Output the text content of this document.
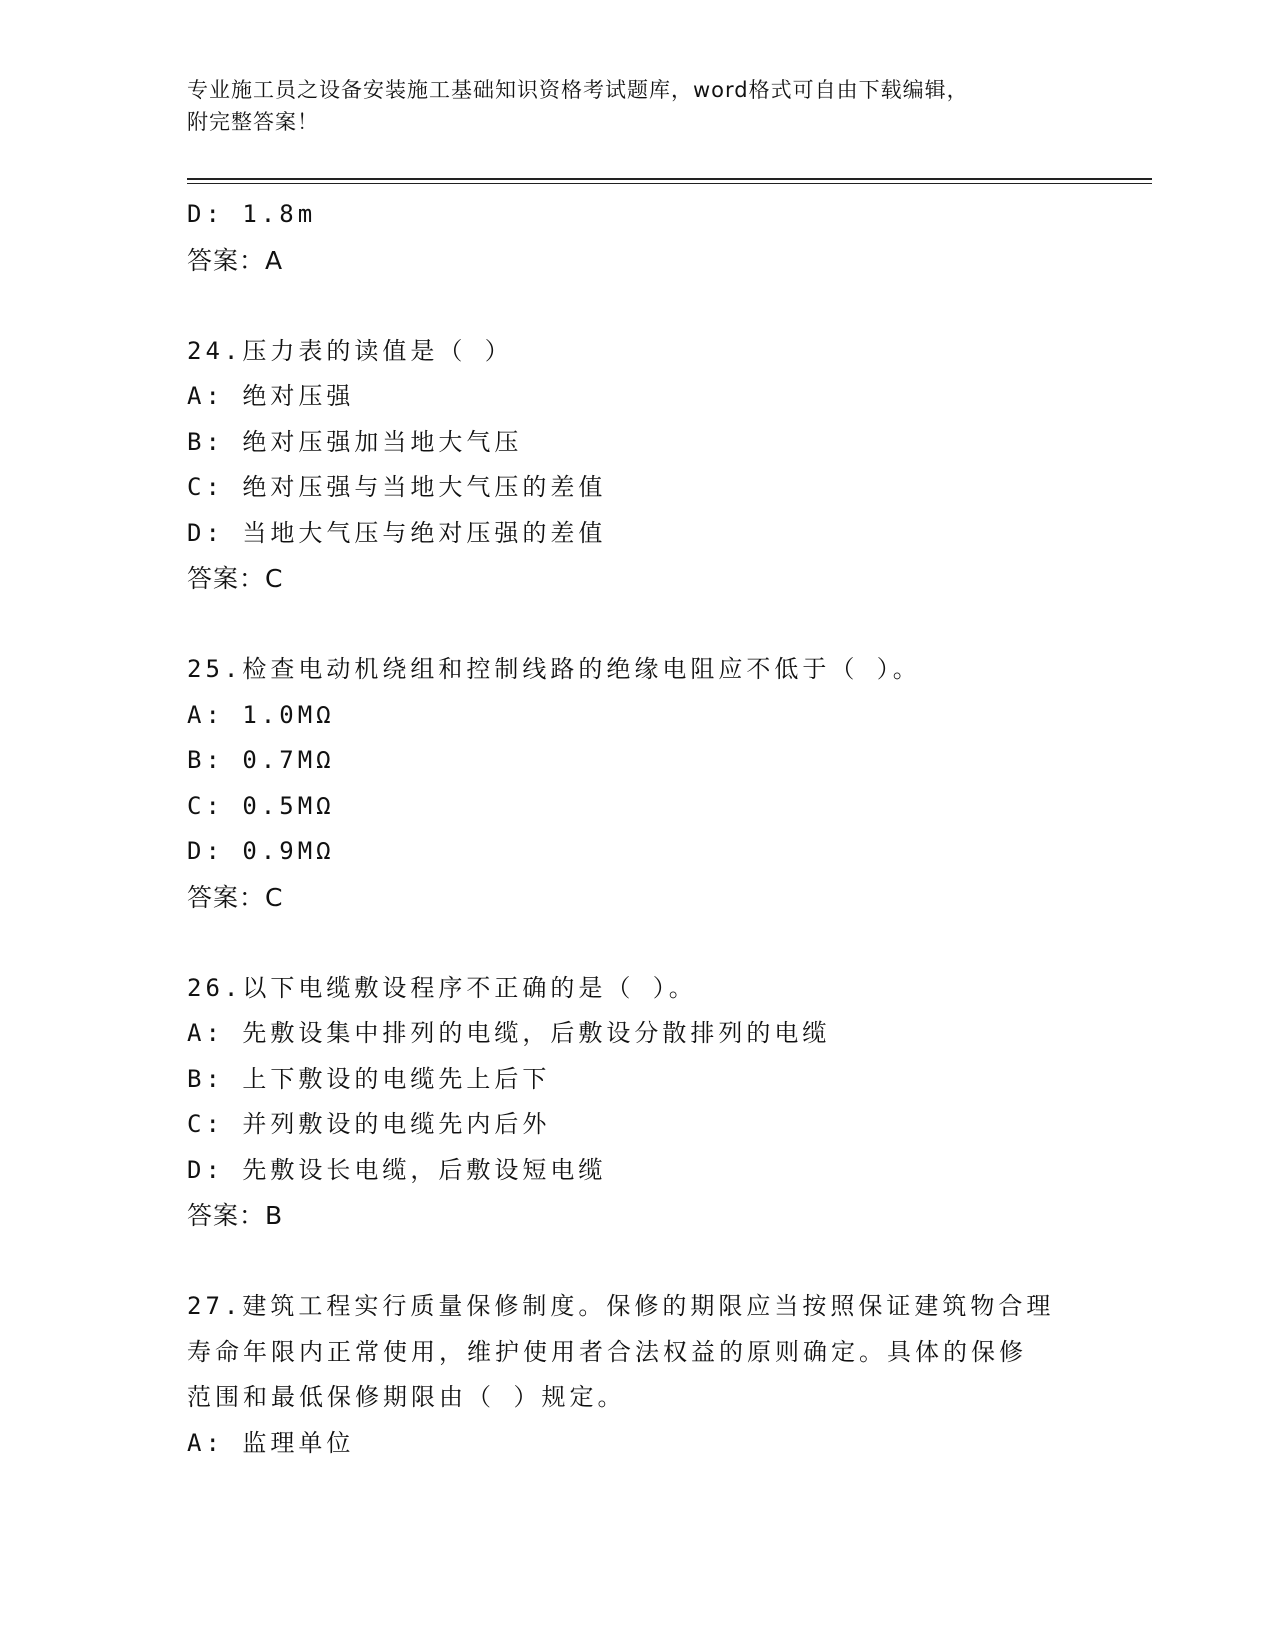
专业施工员之设备安装施工基础知识资格考试题库，word格式可自由下载编辑，
附完整答案！
D: 1.8m
答案：A
24.压力表的读值是（ ）
A: 绝对压强
B: 绝对压强加当地大气压
C: 绝对压强与当地大气压的差值
D: 当地大气压与绝对压强的差值
答案：C
25.检查电动机绕组和控制线路的绝缘电阻应不低于（ ）。
A: 1.0MΩ
B: 0.7MΩ
C: 0.5MΩ
D: 0.9MΩ
答案：C
26.以下电缆敷设程序不正确的是（ ）。
A: 先敷设集中排列的电缆，后敷设分散排列的电缆
B: 上下敷设的电缆先上后下
C: 并列敷设的电缆先内后外
D: 先敷设长电缆，后敷设短电缆
答案：B
27.建筑工程实行质量保修制度。保修的期限应当按照保证建筑物合理
寿命年限内正常使用，维护使用者合法权益的原则确定。具体的保修
范围和最低保修期限由（ ）规定。
A: 监理单位
